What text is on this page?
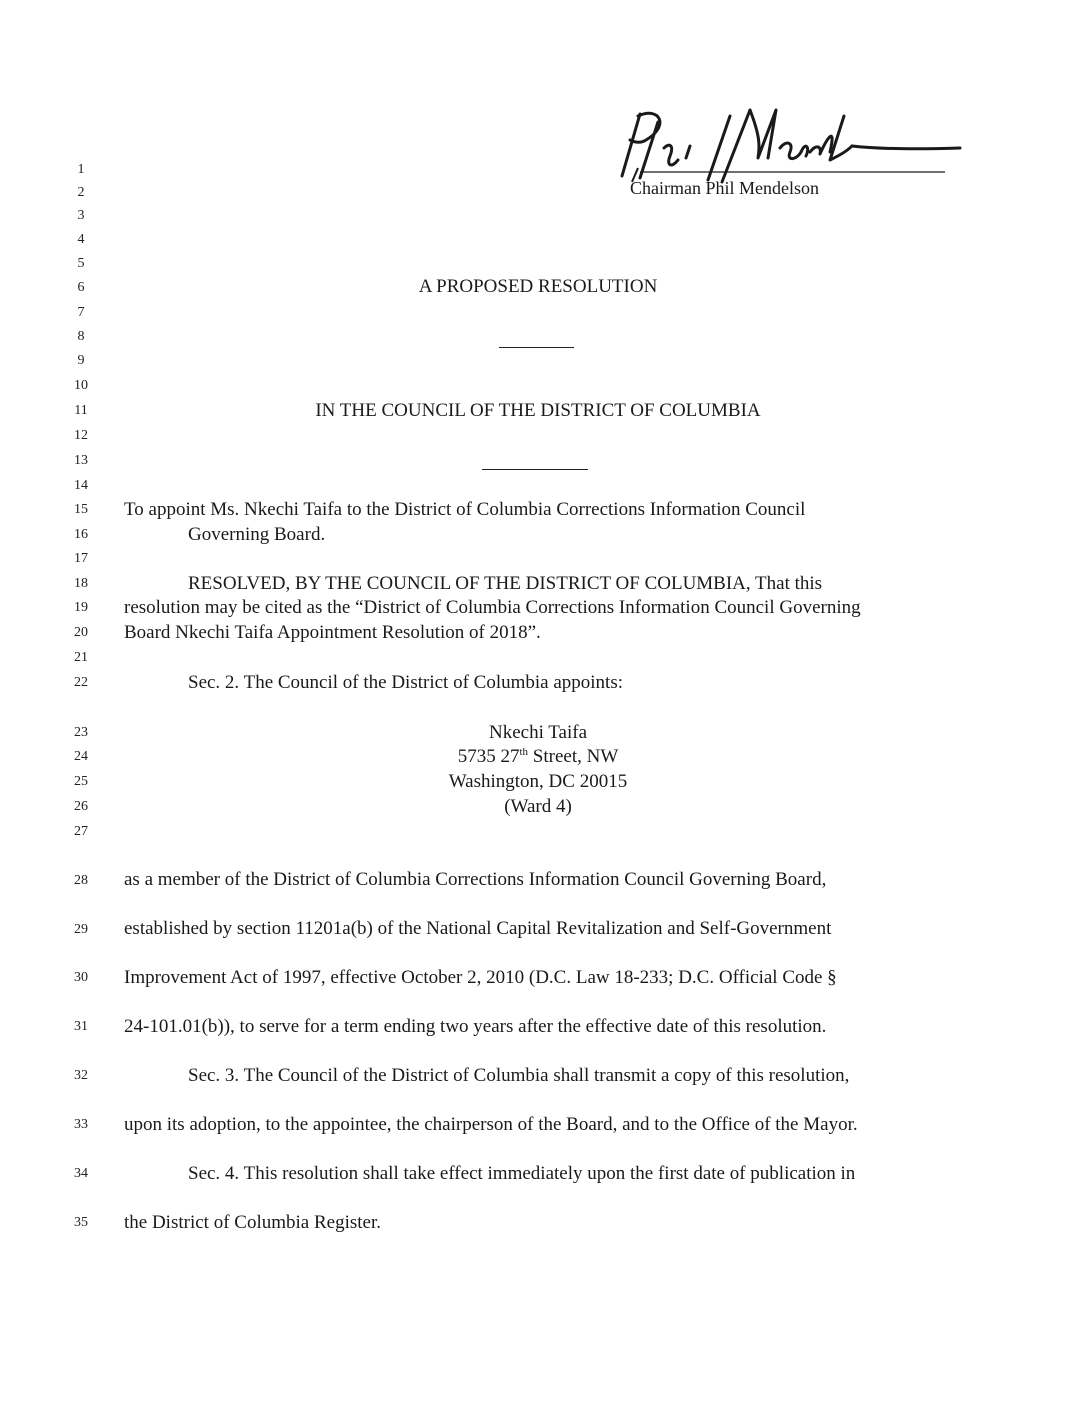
Chairman Phil Mendelson
1
2
3
4
5
6
7
8
9
10
11
12
13
14
15
16
17
18
19
20
21
22
23
24
25
26
27
28
29
30
31
32
33
34
35
A PROPOSED RESOLUTION
IN THE COUNCIL OF THE DISTRICT OF COLUMBIA
To appoint Ms. Nkechi Taifa to the District of Columbia Corrections Information Council
Governing Board.
RESOLVED, BY THE COUNCIL OF THE DISTRICT OF COLUMBIA, That this
resolution may be cited as the “District of Columbia Corrections Information Council Governing
Board Nkechi Taifa Appointment Resolution of 2018”.
Sec. 2. The Council of the District of Columbia appoints:
Nkechi Taifa
5735 27th Street, NW
Washington, DC 20015
(Ward 4)
as a member of the District of Columbia Corrections Information Council Governing Board,
established by section 11201a(b) of the National Capital Revitalization and Self-Government
Improvement Act of 1997, effective October 2, 2010 (D.C. Law 18-233; D.C. Official Code §
24-101.01(b)), to serve for a term ending two years after the effective date of this resolution.
Sec. 3. The Council of the District of Columbia shall transmit a copy of this resolution,
upon its adoption, to the appointee, the chairperson of the Board, and to the Office of the Mayor.
Sec. 4. This resolution shall take effect immediately upon the first date of publication in
the District of Columbia Register.
